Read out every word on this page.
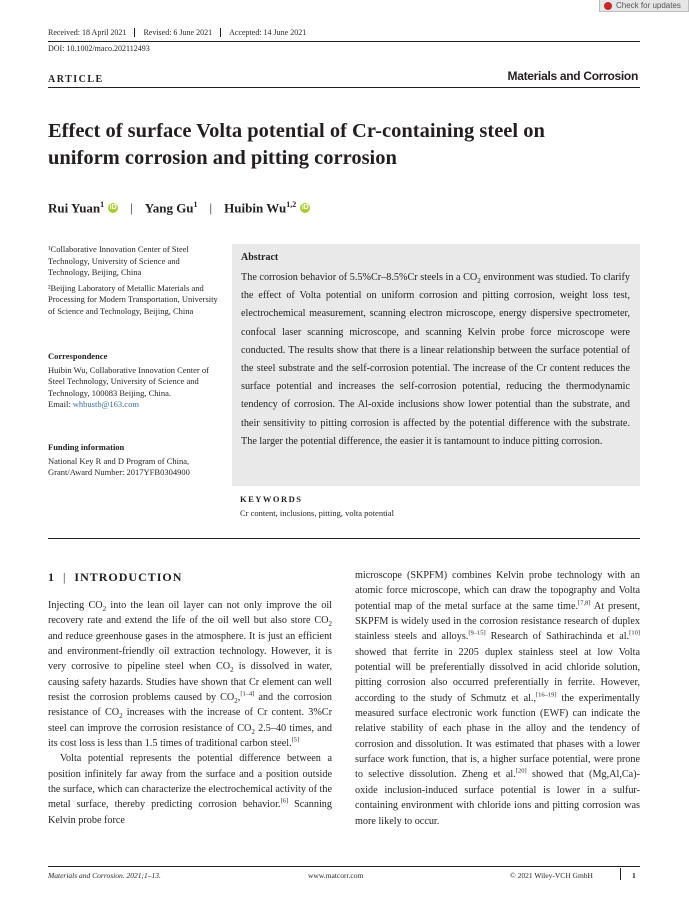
Check for updates
Received: 18 April 2021	Revised: 6 June 2021	Accepted: 14 June 2021
DOI: 10.1002/maco.202112493
ARTICLE	Materials and Corrosion
Effect of surface Volta potential of Cr-containing steel on
uniform corrosion and pitting corrosion
Rui Yuan$^1$ iD | Yang Gu$^1$ | Huibin Wu$^{1,2}$ iD

¹Collaborative Innovation Center of Steel Technology, University of Science and Technology, Beijing, China

²Beijing Laboratory of Metallic Materials and Processing for Modern Transportation, University of Science and Technology, Beijing, China

Correspondence
Huibin Wu, Collaborative Innovation Center of Steel Technology, University of Science and Technology, 100083 Beijing, China.
Email: whbustb@163.com
Funding information
National Key R and D Program of China, Grant/Award Number: 2017YFB0304900
Abstract
The corrosion behavior of 5.5%Cr–8.5%Cr steels in a $CO_2$ environment was studied. To clarify the effect of Volta potential on uniform corrosion and pitting corrosion, weight loss test, electrochemical measurement, scanning electron microscope, energy dispersive spectrometer, confocal laser scanning microscope, and scanning Kelvin probe force microscope were conducted. The results show that there is a linear relationship between the surface potential of the steel substrate and the self-corrosion potential. The increase of the Cr content reduces the surface potential and increases the self-corrosion potential, reducing the thermodynamic tendency of corrosion. The Al-oxide inclusions show lower potential than the substrate, and their sensitivity to pitting corrosion is affected by the potential difference with the substrate. The larger the potential difference, the easier it is tantamount to induce pitting corrosion.
KEYWORDS
Cr content, inclusions, pitting, volta potential
1 | INTRODUCTION
Injecting $CO_2$ into the lean oil layer can not only improve the oil recovery rate and extend the life of the oil well but also store $CO_2$ and reduce greenhouse gases in the atmosphere. It is just an efficient and environment-friendly oil extraction technology. However, it is very corrosive to pipeline steel when $CO_2$ is dissolved in water, causing safety hazards. Studies have shown that Cr element can well resist the corrosion problems caused by $CO_2,[1-4]$ and the corrosion resistance of $CO_2$ increases with the increase of Cr content. 3%Cr steel can improve the corrosion resistance of $CO_2$ 2.5–40 times, and its cost loss is less than 1.5 times of traditional carbon steel.[5]
Volta potential represents the potential difference between a position infinitely far away from the surface and a position outside the surface, which can characterize the electrochemical activity of the metal surface, thereby predicting corrosion behavior.[6] Scanning Kelvin probe force
microscope (SKPFM) combines Kelvin probe technology with an atomic force microscope, which can draw the topography and Volta potential map of the metal surface at the same time.[7,8] At present, SKPFM is widely used in the corrosion resistance research of duplex stainless steels and alloys.[9–15] Research of Sathirachinda et al.[10] showed that ferrite in 2205 duplex stainless steel at low Volta potential will be preferentially dissolved in acid chloride solution, pitting corrosion also occurred preferentially in ferrite. However, according to the study of Schmutz et al.,[16–19] the experimentally measured surface electronic work function (EWF) can indicate the relative stability of each phase in the alloy and the tendency of corrosion and dissolution. It was estimated that phases with a lower surface work function, that is, a higher surface potential, were prone to selective dissolution. Zheng et al.[20] showed that (Mg,Al,Ca)-oxide inclusion-induced surface potential is lower in a sulfur-containing environment with chloride ions and pitting corrosion was more likely to occur.
Materials and Corrosion. 2021;1–13.	www.matcorr.com	© 2021 Wiley-VCH GmbH	1
